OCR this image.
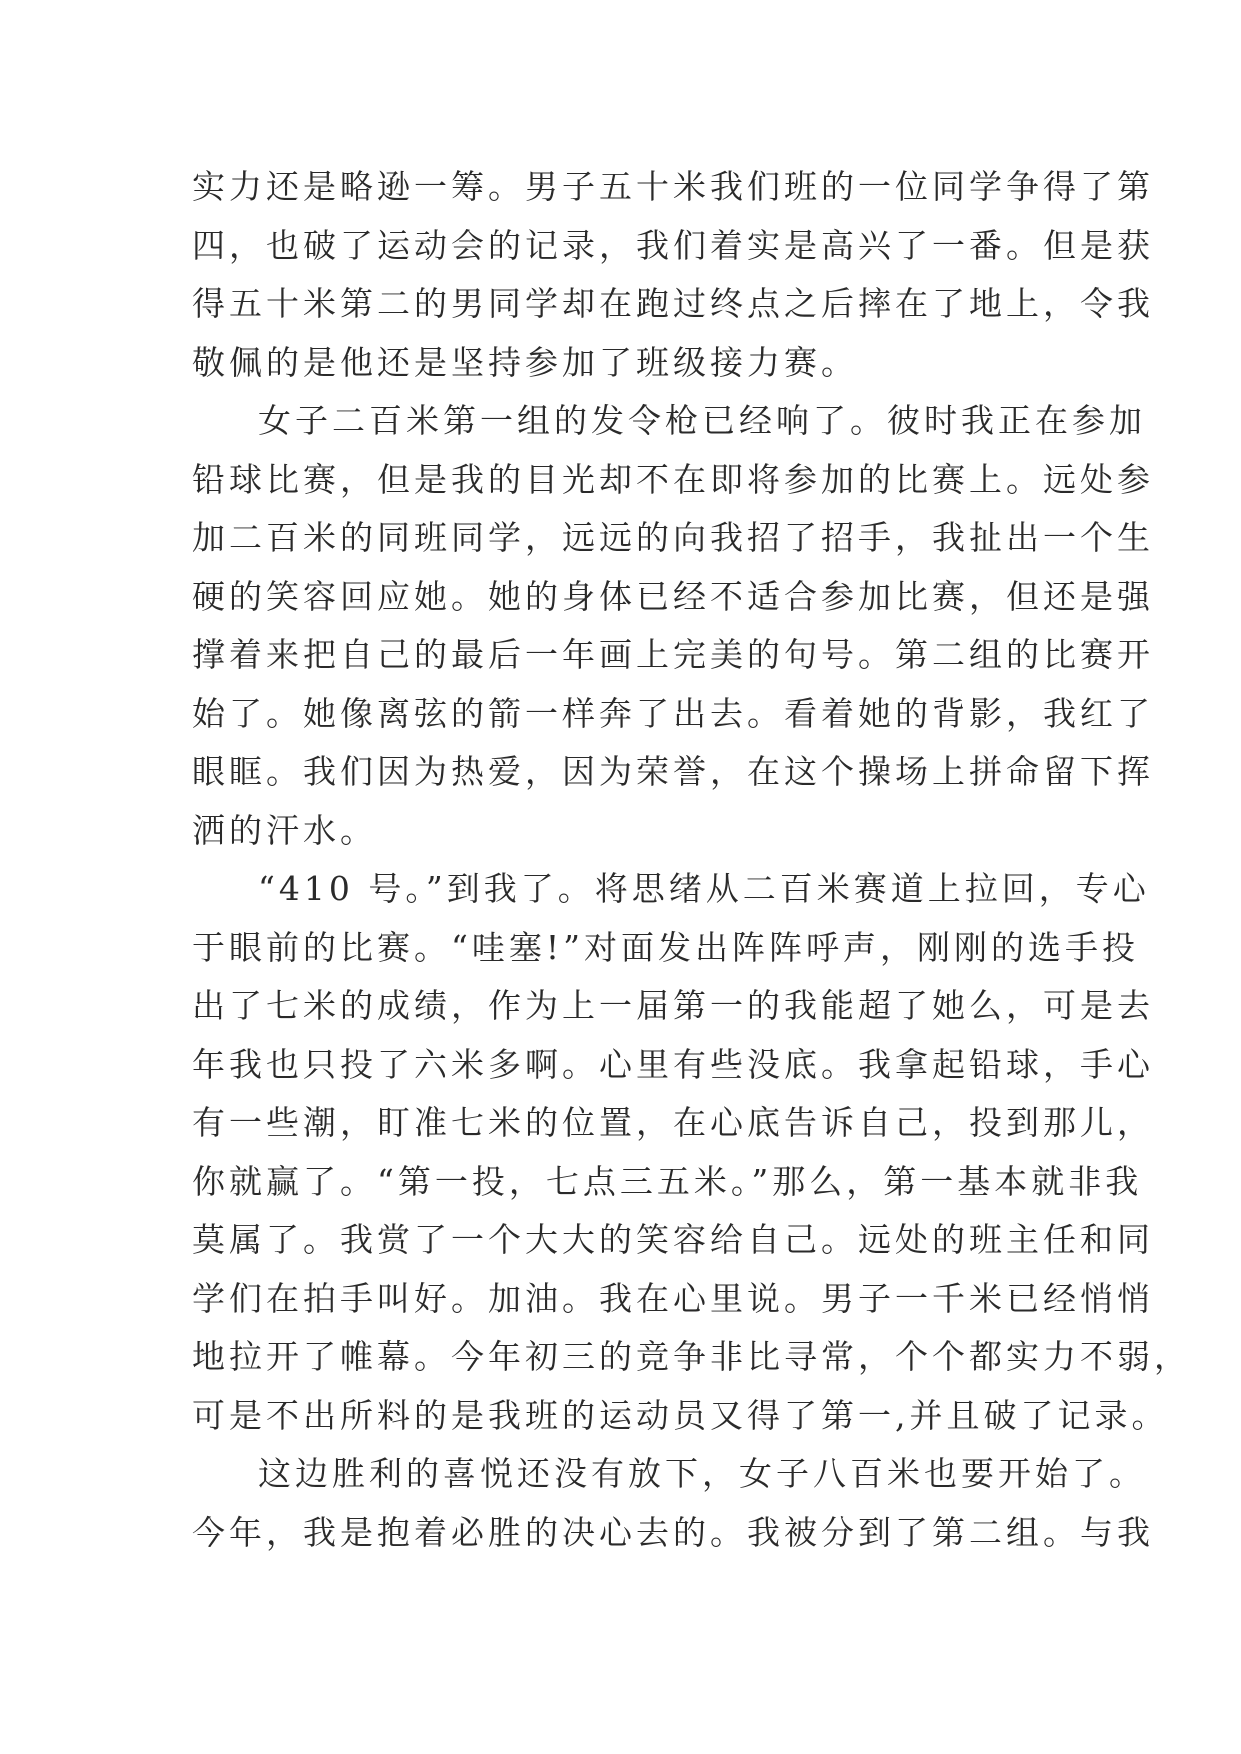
实力还是略逊一筹。男子五十米我们班的一位同学争得了第
四，也破了运动会的记录，我们着实是高兴了一番。但是获
得五十米第二的男同学却在跑过终点之后摔在了地上，令我
敬佩的是他还是坚持参加了班级接力赛。
女子二百米第一组的发令枪已经响了。彼时我正在参加
铅球比赛，但是我的目光却不在即将参加的比赛上。远处参
加二百米的同班同学，远远的向我招了招手，我扯出一个生
硬的笑容回应她。她的身体已经不适合参加比赛，但还是强
撑着来把自己的最后一年画上完美的句号。第二组的比赛开
始了。她像离弦的箭一样奔了出去。看着她的背影，我红了
眼眶。我们因为热爱，因为荣誉，在这个操场上拼命留下挥
洒的汗水。
“410 号。”到我了。将思绪从二百米赛道上拉回，专心
于眼前的比赛。“哇塞!”对面发出阵阵呼声，刚刚的选手投
出了七米的成绩，作为上一届第一的我能超了她么，可是去
年我也只投了六米多啊。心里有些没底。我拿起铅球，手心
有一些潮，盯准七米的位置，在心底告诉自己，投到那儿，
你就赢了。“第一投，七点三五米。”那么，第一基本就非我
莫属了。我赏了一个大大的笑容给自己。远处的班主任和同
学们在拍手叫好。加油。我在心里说。男子一千米已经悄悄
地拉开了帷幕。今年初三的竞争非比寻常，个个都实力不弱，
可是不出所料的是我班的运动员又得了第一,并且破了记录。
这边胜利的喜悦还没有放下，女子八百米也要开始了。
今年，我是抱着必胜的决心去的。我被分到了第二组。与我
